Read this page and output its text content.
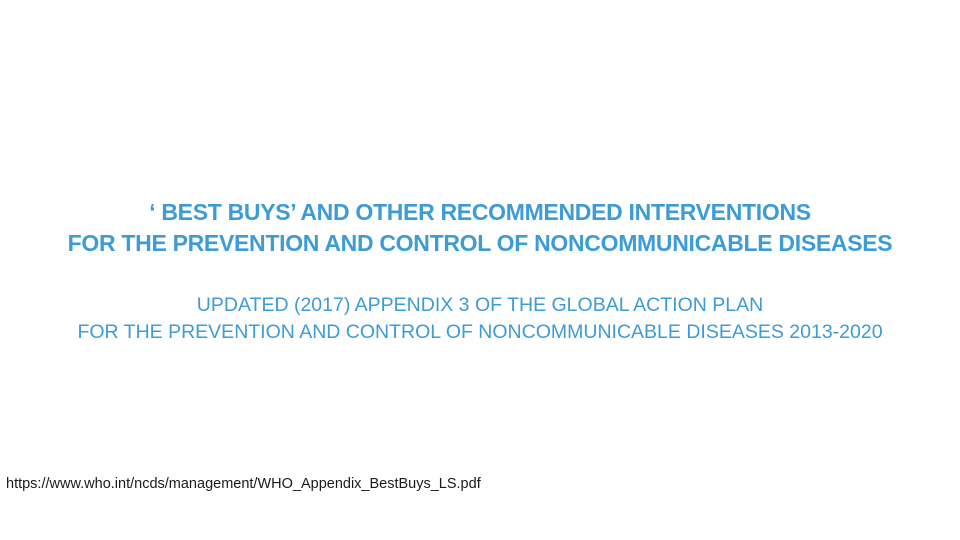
‘ BEST BUYS’ AND OTHER RECOMMENDED INTERVENTIONS
FOR THE PREVENTION AND CONTROL OF NONCOMMUNICABLE DISEASES
UPDATED (2017) APPENDIX 3 OF THE GLOBAL ACTION PLAN
FOR THE PREVENTION AND CONTROL OF NONCOMMUNICABLE DISEASES 2013-2020
https://www.who.int/ncds/management/WHO_Appendix_BestBuys_LS.pdf
